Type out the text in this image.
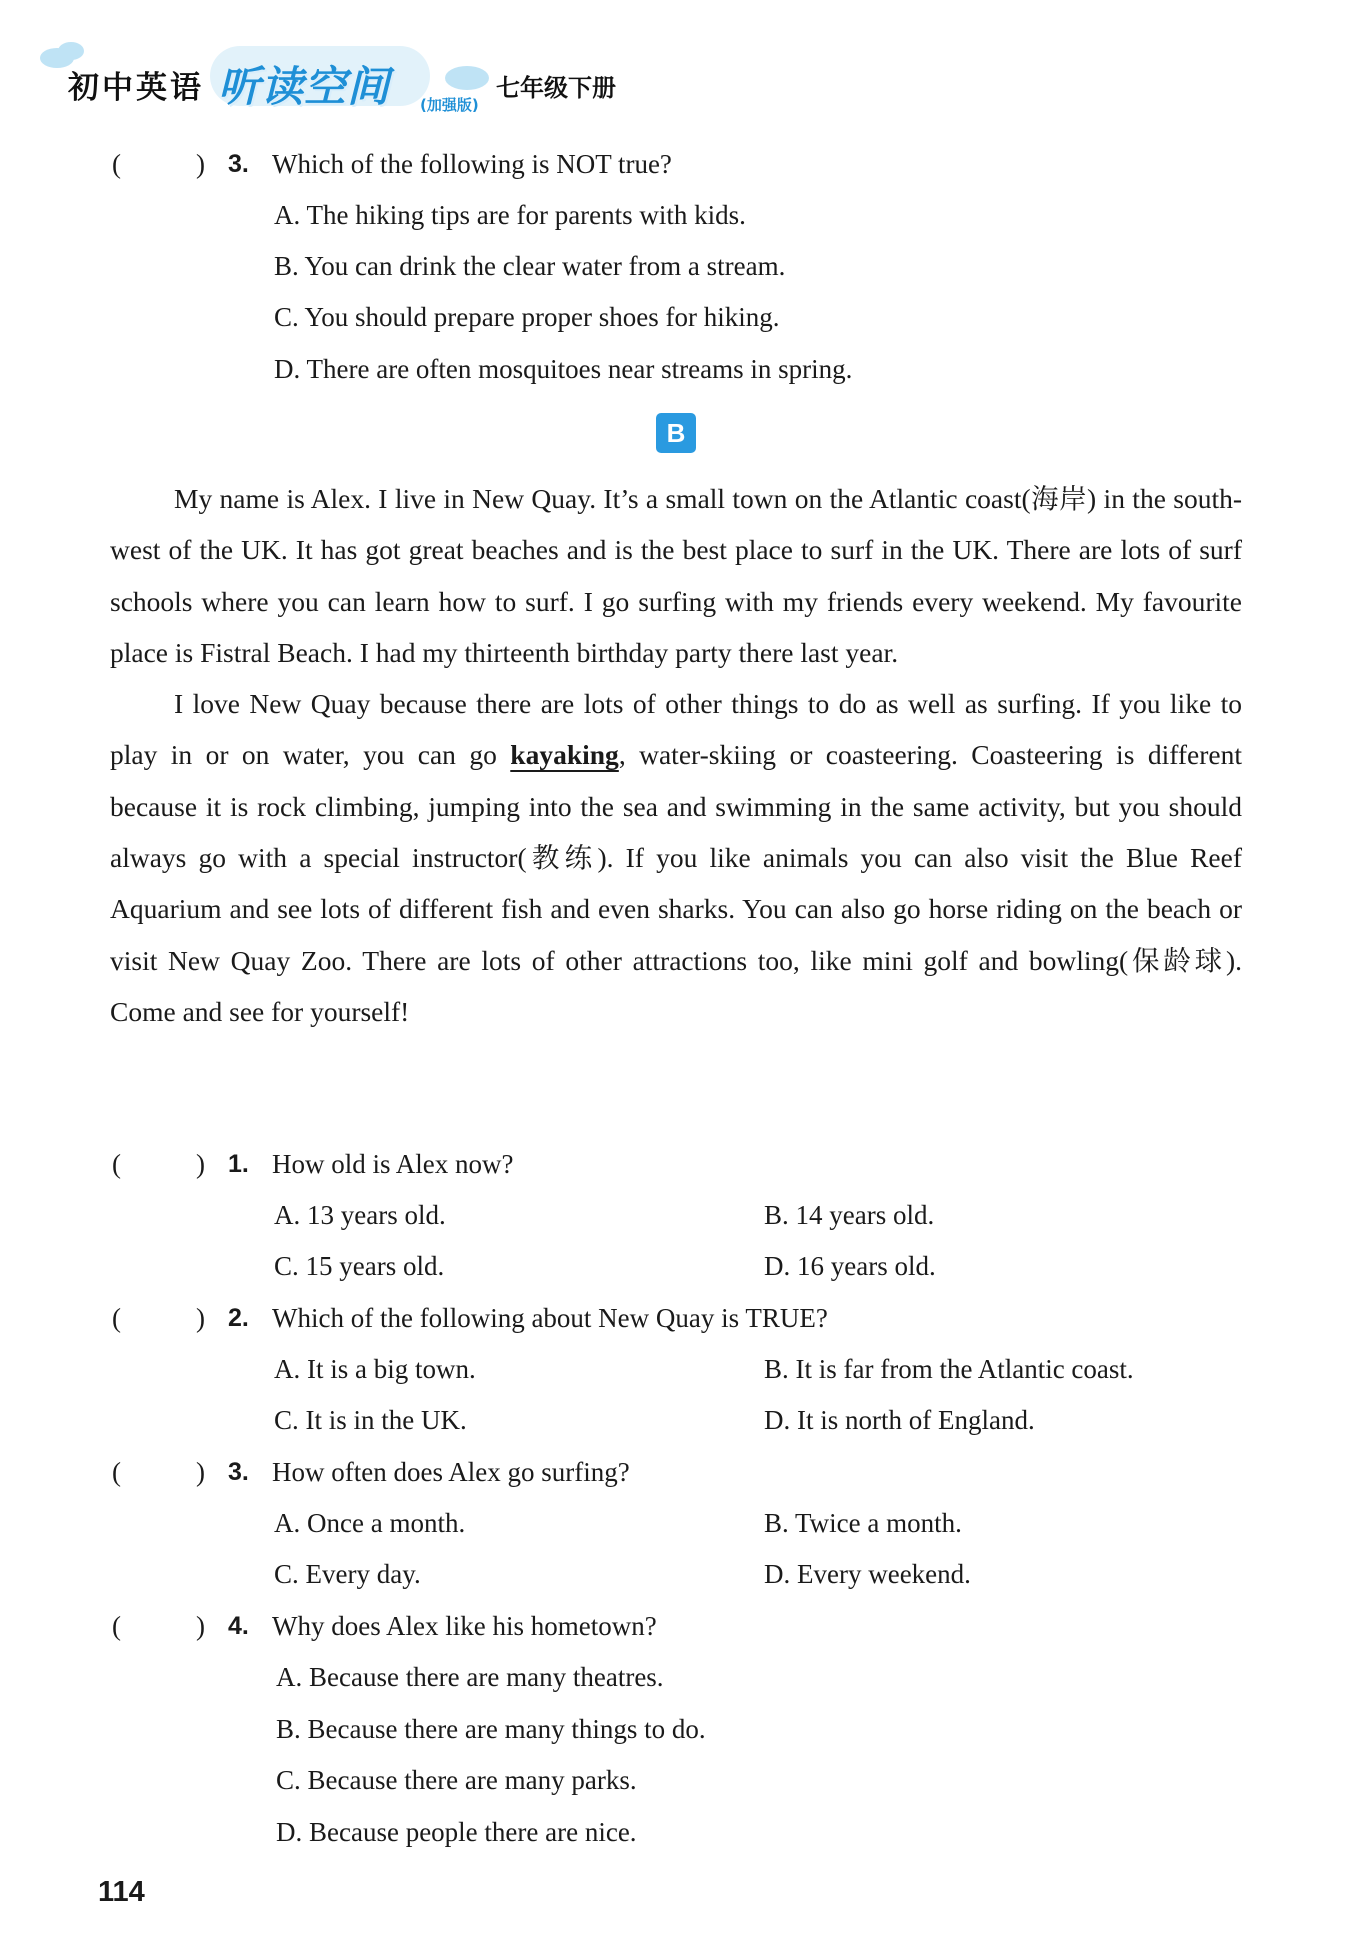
初中英语 听读空间 (加强版)
七年级下册
(	) 3. Which of the following is NOT true?
A. The hiking tips are for parents with kids.
B. You can drink the clear water from a stream.
C. You should prepare proper shoes for hiking.
D. There are often mosquitoes near streams in spring.
B

My name is Alex. I live in New Quay. It’s a small town on the Atlantic coast(海岸) in the south-west of the UK. It has got great beaches and is the best place to surf in the UK. There are lots of surf schools where you can learn how to surf. I go surfing with my friends every weekend. My favourite place is Fistral Beach. I had my thirteenth birthday party there last year.

I love New Quay because there are lots of other things to do as well as surfing. If you like to play in or on water, you can go kayaking, water-skiing or coasteering. Coasteering is different because it is rock climbing, jumping into the sea and swimming in the same activity, but you should always go with a special instructor(教练). If you like animals you can also visit the Blue Reef Aquarium and see lots of different fish and even sharks. You can also go horse riding on the beach or visit New Quay Zoo. There are lots of other attractions too, like mini golf and bowling(保龄球). Come and see for yourself!

(	) 1. How old is Alex now?
A. 13 years old.	B. 14 years old.
C. 15 years old.	D. 16 years old.
(	) 2. Which of the following about New Quay is TRUE?
A. It is a big town.	B. It is far from the Atlantic coast.
C. It is in the UK.	D. It is north of England.
(	) 3. How often does Alex go surfing?
A. Once a month.	B. Twice a month.
C. Every day.	D. Every weekend.
(	) 4. Why does Alex like his hometown?
A. Because there are many theatres.
B. Because there are many things to do.
C. Because there are many parks.
D. Because people there are nice.
114
